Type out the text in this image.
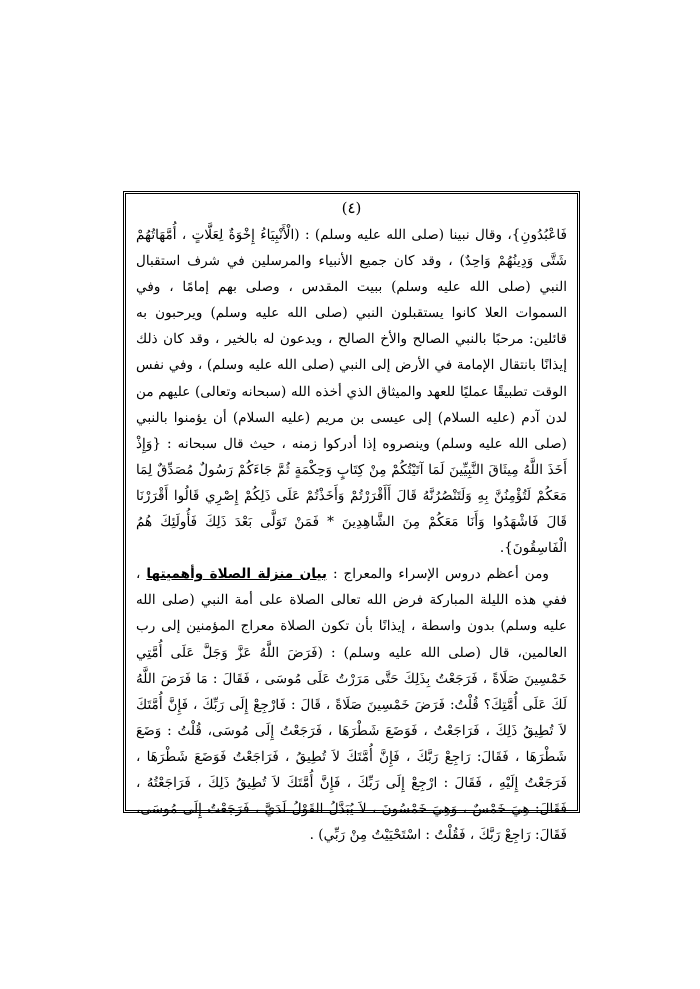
(٤)

فَاعْبُدُونِ}، وقال نبينا (صلى الله عليه وسلم) : (الْأَنْبِيَاءُ إِخْوَةٌ لِعَلَّاتٍ ، أُمَّهَاتُهُمْ شَتَّى وَدِينُهُمْ وَاحِدٌ) ، وقد كان جميع الأنبياء والمرسلين في شرف استقبال النبي (صلى الله عليه وسلم) ببيت المقدس ، وصلى بهم إمامًا ، وفي السموات العلا كانوا يستقبلون النبي (صلى الله عليه وسلم) ويرحبون به قائلين: مرحبًا بالنبي الصالح والأخ الصالح ، ويدعون له بالخير ، وقد كان ذلك إيذانًا بانتقال الإمامة في الأرض إلى النبي (صلى الله عليه وسلم) ، وفي نفس الوقت تطبيقًا عمليًا للعهد والميثاق الذي أخذه الله (سبحانه وتعالى) عليهم من لدن آدم (عليه السلام) إلى عيسى بن مريم (عليه السلام) أن يؤمنوا بالنبي (صلى الله عليه وسلم) وينصروه إذا أدركوا زمنه ، حيث قال سبحانه : {وَإِذْ أَخَذَ اللَّهُ مِيثَاقَ النَّبِيِّينَ لَمَا آتَيْتُكُمْ مِنْ كِتَابٍ وَحِكْمَةٍ ثُمَّ جَاءَكُمْ رَسُولٌ مُصَدِّقٌ لِمَا مَعَكُمْ لَتُؤْمِنُنَّ بِهِ وَلَتَنْصُرُنَّهُ قَالَ أَأَقْرَرْتُمْ وَأَخَذْتُمْ عَلَى ذَلِكُمْ إِصْرِي قَالُوا أَقْرَرْنَا قَالَ فَاشْهَدُوا وَأَنَا مَعَكُمْ مِنَ الشَّاهِدِينَ * فَمَنْ تَوَلَّى بَعْدَ ذَلِكَ فَأُولَئِكَ هُمُ الْفَاسِقُونَ}.

ومن أعظم دروس الإسراء والمعراج : بيان منزلة الصلاة وأهميتها ، ففي هذه الليلة المباركة فرض الله تعالى الصلاة على أمة النبي (صلى الله عليه وسلم) بدون واسطة ، إيذانًا بأن تكون الصلاة معراج المؤمنين إلى رب العالمين، قال (صلى الله عليه وسلم) : (فَرَضَ اللَّهُ عَزَّ وَجَلَّ عَلَى أُمَّتِي خَمْسِينَ صَلَاةً ، فَرَجَعْتُ بِذَلِكَ حَتَّى مَرَرْتُ عَلَى مُوسَى ، فَقَالَ : مَا فَرَضَ اللَّهُ لَكَ عَلَى أُمَّتِكَ؟ قُلْتُ: فَرَضَ خَمْسِينَ صَلَاةً ، قَالَ : فَارْجِعْ إِلَى رَبِّكَ ، فَإِنَّ أُمَّتَكَ لاَ تُطِيقُ ذَلِكَ ، فَرَاجَعْتُ ، فَوَضَعَ شَطْرَهَا ، فَرَجَعْتُ إِلَى مُوسَى، قُلْتُ : وَضَعَ شَطْرَهَا ، فَقَالَ: رَاجِعْ رَبَّكَ ، فَإِنَّ أُمَّتَكَ لاَ تُطِيقُ ، فَرَاجَعْتُ فَوَضَعَ شَطْرَهَا ، فَرَجَعْتُ إِلَيْهِ ، فَقَالَ : ارْجِعْ إِلَى رَبِّكَ ، فَإِنَّ أُمَّتَكَ لاَ تُطِيقُ ذَلِكَ ، فَرَاجَعْتُهُ ، فَقَالَ: هِيَ خَمْسٌ ، وَهِيَ خَمْسُونَ ، لاَ يُبَدَّلُ القَوْلُ لَدَيَّ ، فَرَجَعْتُ إِلَى مُوسَى، فَقَالَ: رَاجِعْ رَبَّكَ ، فَقُلْتُ : اسْتَحْيَيْتُ مِنْ رَبِّي) .
